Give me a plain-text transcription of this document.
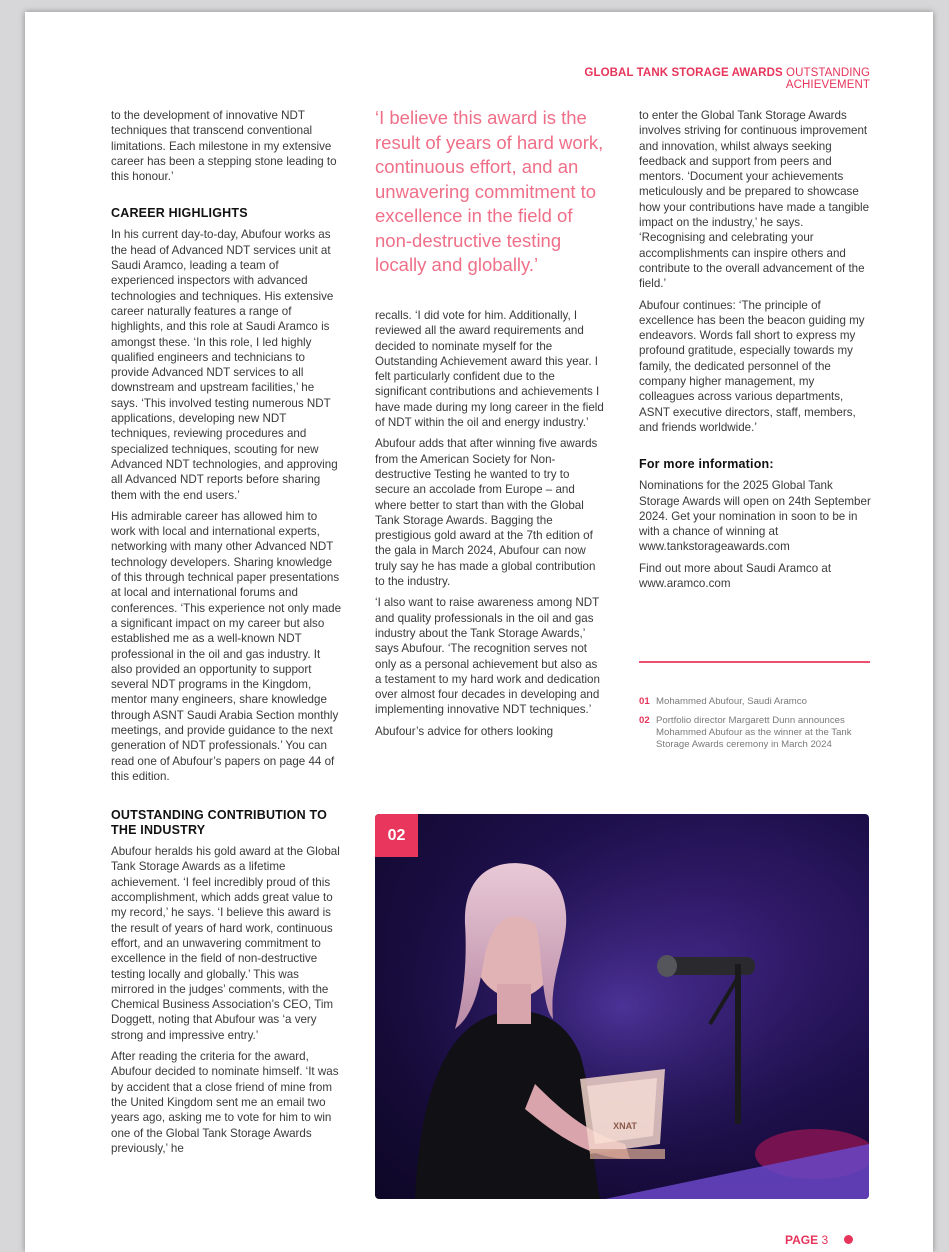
GLOBAL TANK STORAGE AWARDS OUTSTANDING ACHIEVEMENT

to the development of innovative NDT techniques that transcend conventional limitations. Each milestone in my extensive career has been a stepping stone leading to this honour.’

CAREER HIGHLIGHTS

In his current day-to-day, Abufour works as the head of Advanced NDT services unit at Saudi Aramco, leading a team of experienced inspectors with advanced technologies and techniques. His extensive career naturally features a range of highlights, and this role at Saudi Aramco is amongst these. ‘In this role, I led highly qualified engineers and technicians to provide Advanced NDT services to all downstream and upstream facilities,’ he says. ‘This involved testing numerous NDT applications, developing new NDT techniques, reviewing procedures and specialized techniques, scouting for new Advanced NDT technologies, and approving all Advanced NDT reports before sharing them with the end users.’

His admirable career has allowed him to work with local and international experts, networking with many other Advanced NDT technology developers. Sharing knowledge of this through technical paper presentations at local and international forums and conferences. ‘This experience not only made a significant impact on my career but also established me as a well-known NDT professional in the oil and gas industry. It also provided an opportunity to support several NDT programs in the Kingdom, mentor many engineers, share knowledge through ASNT Saudi Arabia Section monthly meetings, and provide guidance to the next generation of NDT professionals.’ You can read one of Abufour’s papers on page 44 of this edition.

OUTSTANDING CONTRIBUTION TO THE INDUSTRY

Abufour heralds his gold award at the Global Tank Storage Awards as a lifetime achievement. ‘I feel incredibly proud of this accomplishment, which adds great value to my record,’ he says. ‘I believe this award is the result of years of hard work, continuous effort, and an unwavering commitment to excellence in the field of non-destructive testing locally and globally.’ This was mirrored in the judges’ comments, with the Chemical Business Association’s CEO, Tim Doggett, noting that Abufour was ‘a very strong and impressive entry.’

After reading the criteria for the award, Abufour decided to nominate himself. ‘It was by accident that a close friend of mine from the United Kingdom sent me an email two years ago, asking me to vote for him to win one of the Global Tank Storage Awards previously,’ he

‘I believe this award is the result of years of hard work, continuous effort, and an unwavering commitment to excellence in the field of non-destructive testing locally and globally.’

recalls. ‘I did vote for him. Additionally, I reviewed all the award requirements and decided to nominate myself for the Outstanding Achievement award this year. I felt particularly confident due to the significant contributions and achievements I have made during my long career in the field of NDT within the oil and energy industry.’

Abufour adds that after winning five awards from the American Society for Non-destructive Testing he wanted to try to secure an accolade from Europe – and where better to start than with the Global Tank Storage Awards. Bagging the prestigious gold award at the 7th edition of the gala in March 2024, Abufour can now truly say he has made a global contribution to the industry.

‘I also want to raise awareness among NDT and quality professionals in the oil and gas industry about the Tank Storage Awards,’ says Abufour. ‘The recognition serves not only as a personal achievement but also as a testament to my hard work and dedication over almost four decades in developing and implementing innovative NDT techniques.’

Abufour’s advice for others looking

to enter the Global Tank Storage Awards involves striving for continuous improvement and innovation, whilst always seeking feedback and support from peers and mentors. ‘Document your achievements meticulously and be prepared to showcase how your contributions have made a tangible impact on the industry,’ he says. ‘Recognising and celebrating your accomplishments can inspire others and contribute to the overall advancement of the field.’

Abufour continues: ‘The principle of excellence has been the beacon guiding my endeavors. Words fall short to express my profound gratitude, especially towards my family, the dedicated personnel of the company higher management, my colleagues across various departments, ASNT executive directors, staff, members, and friends worldwide.’

For more information:

Nominations for the 2025 Global Tank Storage Awards will open on 24th September 2024. Get your nomination in soon to be in with a chance of winning at www.tankstorageawards.com

Find out more about Saudi Aramco at www.aramco.com

01 Mohammed Abufour, Saudi Aramco
02 Portfolio director Margarett Dunn announces Mohammed Abufour as the winner at the Tank Storage Awards ceremony in March 2024
XNAT
02
PAGE 3
